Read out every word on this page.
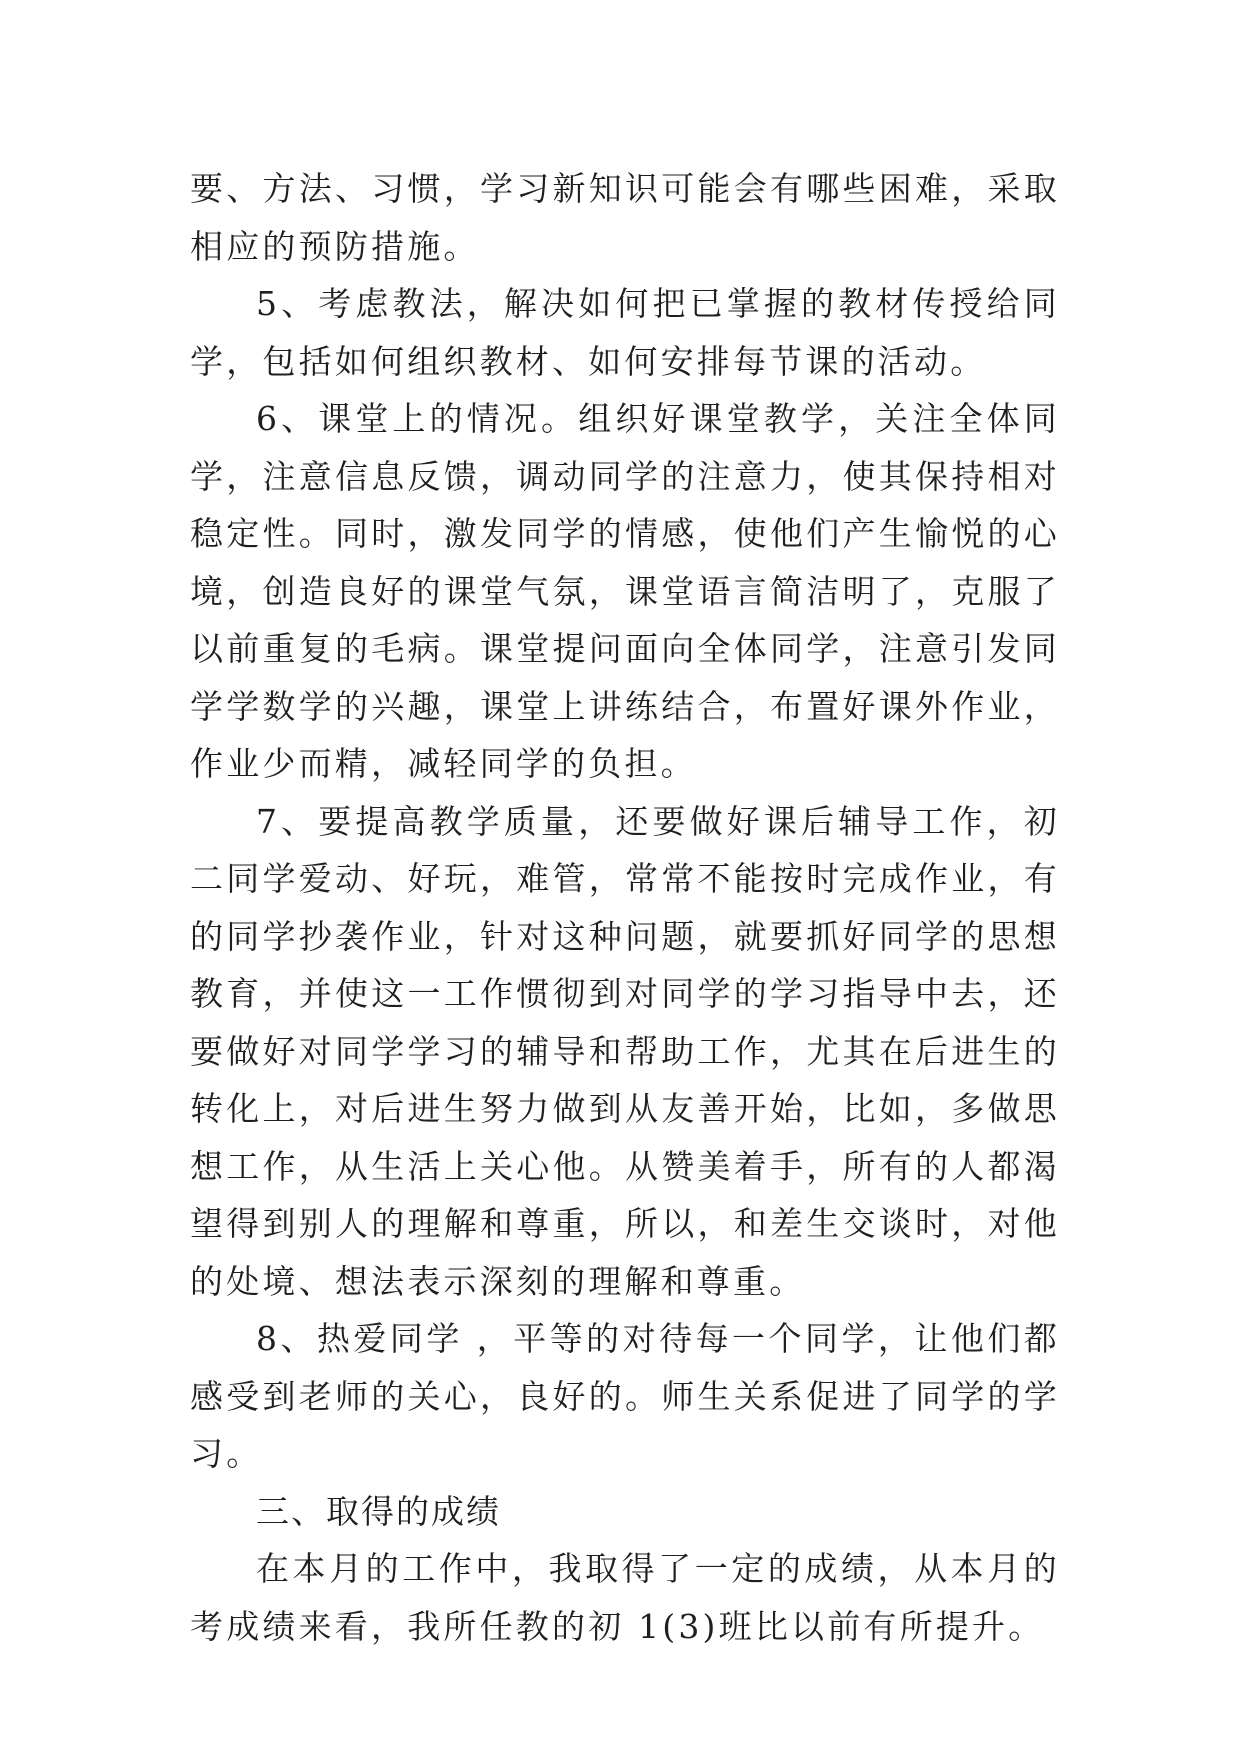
要、方法、习惯，学习新知识可能会有哪些困难，采取相应的预防措施。

5、考虑教法，解决如何把已掌握的教材传授给同学，包括如何组织教材、如何安排每节课的活动。

6、课堂上的情况。组织好课堂教学，关注全体同学，注意信息反馈，调动同学的注意力，使其保持相对稳定性。同时，激发同学的情感，使他们产生愉悦的心境，创造良好的课堂气氛，课堂语言简洁明了，克服了以前重复的毛病。课堂提问面向全体同学，注意引发同学学数学的兴趣，课堂上讲练结合，布置好课外作业，作业少而精，减轻同学的负担。

7、要提高教学质量，还要做好课后辅导工作，初二同学爱动、好玩，难管，常常不能按时完成作业，有的同学抄袭作业，针对这种问题，就要抓好同学的思想教育，并使这一工作惯彻到对同学的学习指导中去，还要做好对同学学习的辅导和帮助工作，尤其在后进生的转化上，对后进生努力做到从友善开始，比如，多做思想工作，从生活上关心他。从赞美着手，所有的人都渴望得到别人的理解和尊重，所以，和差生交谈时，对他的处境、想法表示深刻的理解和尊重。

8、热爱同学 ，平等的对待每一个同学，让他们都感受到老师的关心，良好的。师生关系促进了同学的学习。

三、取得的成绩

在本月的工作中，我取得了一定的成绩，从本月的考成绩来看，我所任教的初 1(3)班比以前有所提升。
